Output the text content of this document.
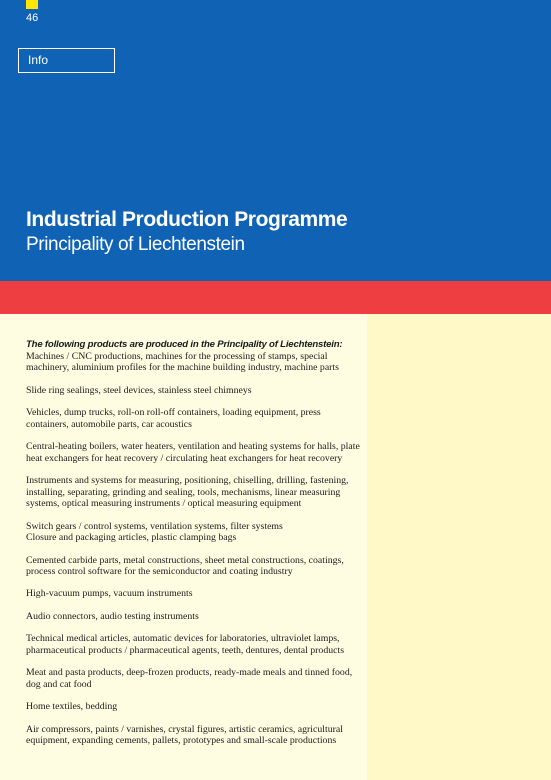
46
Info
Industrial Production Programme
Principality of Liechtenstein
The following products are produced in the Principality of Liechtenstein:

Machines / CNC productions, machines for the processing of stamps, special machinery, aluminium profiles for the machine building industry, machine parts

Slide ring sealings, steel devices, stainless steel chimneys

Vehicles, dump trucks, roll-on roll-off containers, loading equipment, press containers, automobile parts, car acoustics

Central-heating boilers, water heaters, ventilation and heating systems for halls, plate heat exchangers for heat recovery / circulating heat exchangers for heat recovery

Instruments and systems for measuring, positioning, chiselling, drilling, fastening, installing, separating, grinding and sealing, tools, mechanisms, linear measuring systems, optical measuring instruments / optical measuring equipment

Switch gears / control systems, ventilation systems, filter systems
Closure and packaging articles, plastic clamping bags

Cemented carbide parts, metal constructions, sheet metal constructions, coatings, process control software for the semiconductor and coating industry

High-vacuum pumps, vacuum instruments

Audio connectors, audio testing instruments

Technical medical articles, automatic devices for laboratories, ultraviolet lamps, pharmaceutical products / pharmaceutical agents, teeth, dentures, dental products

Meat and pasta products, deep-frozen products, ready-made meals and tinned food, dog and cat food

Home textiles, bedding

Air compressors, paints / varnishes, crystal figures, artistic ceramics, agricultural equipment, expanding cements, pallets, prototypes and small-scale productions
